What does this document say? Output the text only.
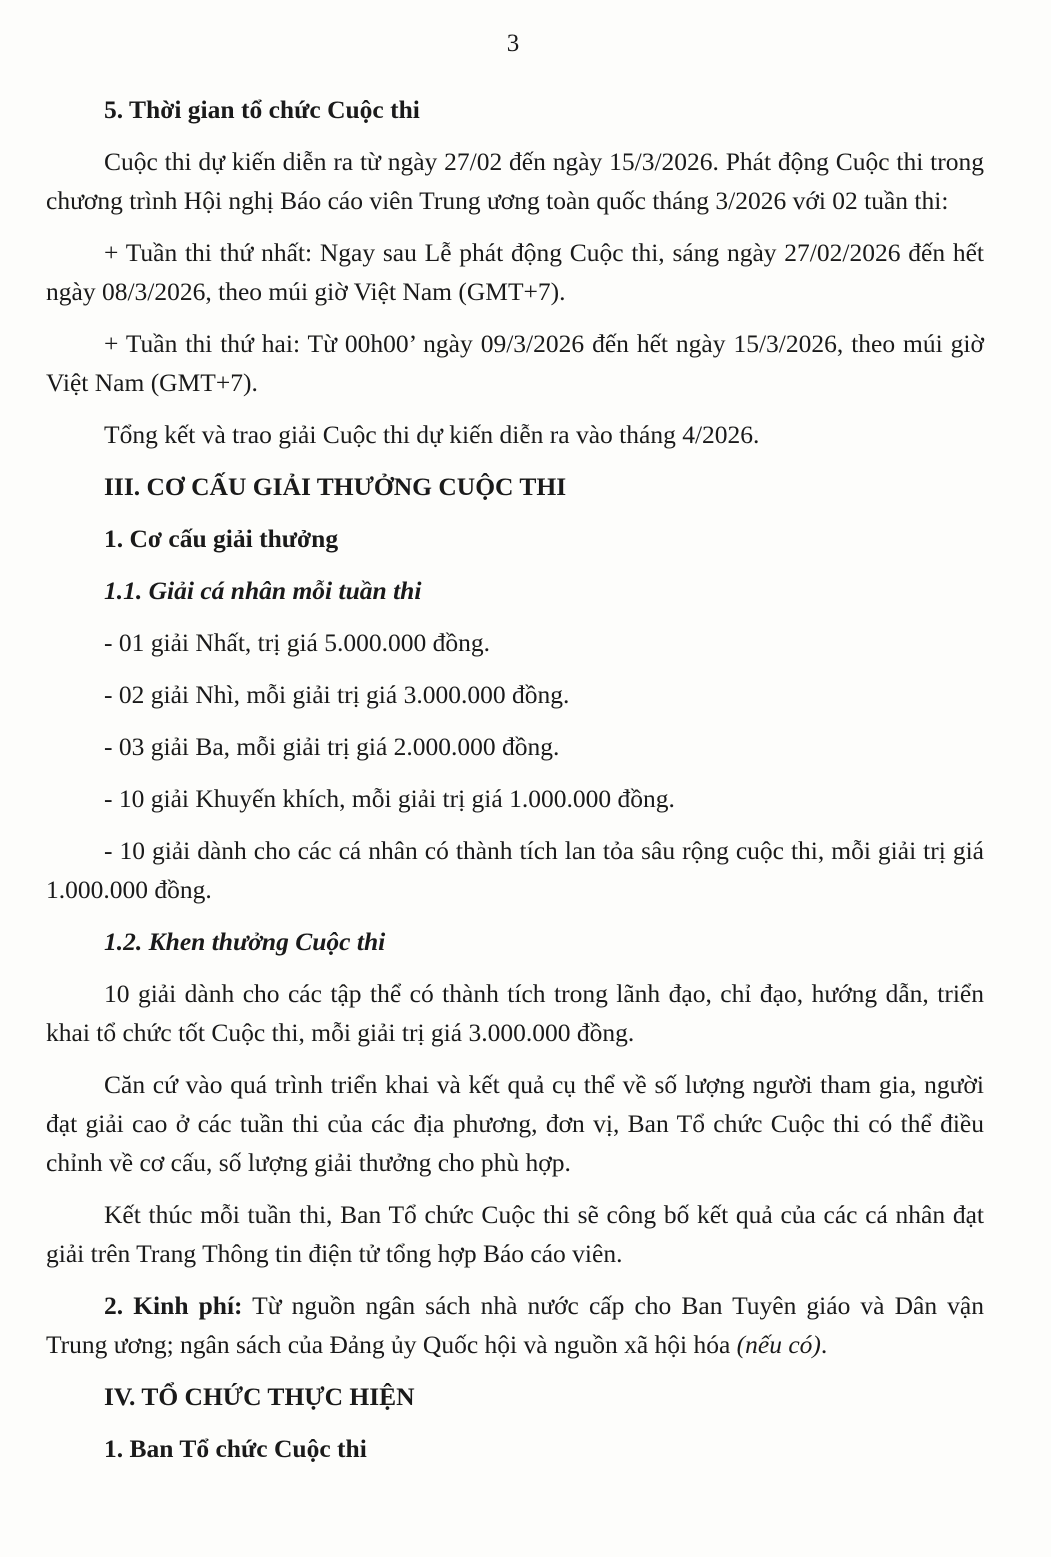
3

5. Thời gian tổ chức Cuộc thi

Cuộc thi dự kiến diễn ra từ ngày 27/02 đến ngày 15/3/2026. Phát động Cuộc thi trong chương trình Hội nghị Báo cáo viên Trung ương toàn quốc tháng 3/2026 với 02 tuần thi:

+ Tuần thi thứ nhất: Ngay sau Lễ phát động Cuộc thi, sáng ngày 27/02/2026 đến hết ngày 08/3/2026, theo múi giờ Việt Nam (GMT+7).

+ Tuần thi thứ hai: Từ 00h00’ ngày 09/3/2026 đến hết ngày 15/3/2026, theo múi giờ Việt Nam (GMT+7).

Tổng kết và trao giải Cuộc thi dự kiến diễn ra vào tháng 4/2026.

III. CƠ CẤU GIẢI THƯỞNG CUỘC THI

1. Cơ cấu giải thưởng

1.1. Giải cá nhân mỗi tuần thi

- 01 giải Nhất, trị giá 5.000.000 đồng.

- 02 giải Nhì, mỗi giải trị giá 3.000.000 đồng.

- 03 giải Ba, mỗi giải trị giá 2.000.000 đồng.

- 10 giải Khuyến khích, mỗi giải trị giá 1.000.000 đồng.

- 10 giải dành cho các cá nhân có thành tích lan tỏa sâu rộng cuộc thi, mỗi giải trị giá 1.000.000 đồng.

1.2. Khen thưởng Cuộc thi

10 giải dành cho các tập thể có thành tích trong lãnh đạo, chỉ đạo, hướng dẫn, triển khai tổ chức tốt Cuộc thi, mỗi giải trị giá 3.000.000 đồng.

Căn cứ vào quá trình triển khai và kết quả cụ thể về số lượng người tham gia, người đạt giải cao ở các tuần thi của các địa phương, đơn vị, Ban Tổ chức Cuộc thi có thể điều chỉnh về cơ cấu, số lượng giải thưởng cho phù hợp.

Kết thúc mỗi tuần thi, Ban Tổ chức Cuộc thi sẽ công bố kết quả của các cá nhân đạt giải trên Trang Thông tin điện tử tổng hợp Báo cáo viên.

2. Kinh phí: Từ nguồn ngân sách nhà nước cấp cho Ban Tuyên giáo và Dân vận Trung ương; ngân sách của Đảng ủy Quốc hội và nguồn xã hội hóa (nếu có).

IV. TỔ CHỨC THỰC HIỆN

1. Ban Tổ chức Cuộc thi
